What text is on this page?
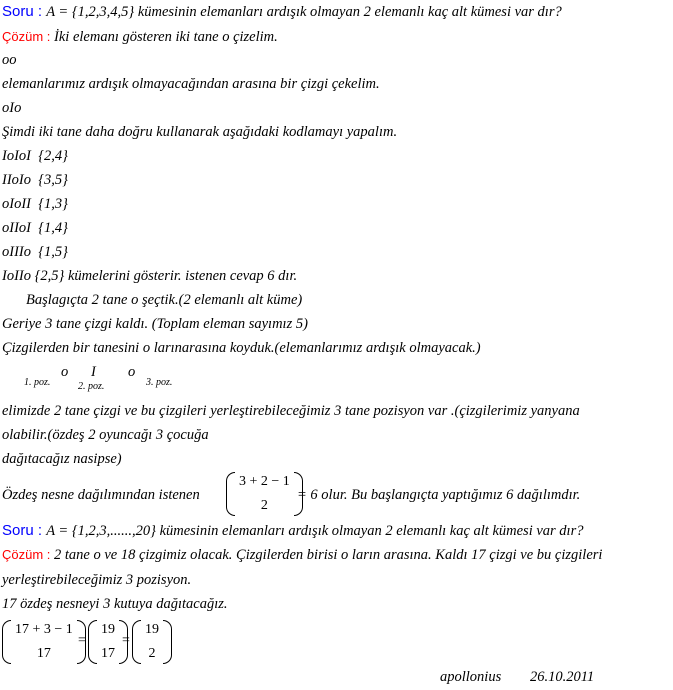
Soru : A = {1,2,3,4,5} kümesinin elemanları ardışık olmayan 2 elemanlı kaç alt kümesi var dır?
Çözüm : İki elemanı gösteren iki tane o çizelim.
oo
elemanlarımız ardışık olmayacağından arasına bir çizgi çekelim.
oIo
Şimdi iki tane daha doğru kullanarak aşağıdaki kodlamayı yapalım.
IoIoI {2,4}
IIoIo {3,5}
oIoII {1,3}
oIIoI {1,4}
oIIIo {1,5}
IoIIo {2,5} kümelerini gösterir. istenen cevap 6 dır.
Başlagıçta 2 tane o şeçtik.(2 elemanlı alt küme)
Geriye 3 tane çizgi kaldı. (Toplam eleman sayımız 5)
Çizgilerden bir tanesini o larınarasına koyduk.(elemanlarımız ardışık olmayacak.)
1. poz.
o I
2. poz.
o
3. poz.
elimizde 2 tane çizgi ve bu çizgileri yerleştirebileceğimiz 3 tane pozisyon var .(çizgilerimiz yanyana
olabilir.(özdeş 2 oyuncağı 3 çocuğa
dağıtacağız nasipse)
Özdeş nesne dağılımından istenen
3 + 2 − 1
2
= 6 olur. Bu başlangıçta yaptığımız 6 dağılımdır.
Soru : A = {1,2,3,......,20} kümesinin elemanları ardışık olmayan 2 elemanlı kaç alt kümesi var dır?
Çözüm : 2 tane o ve 18 çizgimiz olacak. Çizgilerden birisi o ların arasına. Kaldı 17 çizgi ve bu çizgileri
yerleştirebileceğimiz 3 pozisyon.
17 özdeş nesneyi 3 kutuya dağıtacağız.
17 + 3 − 1
17
=
19
17
=
19
2
apollonius 26.10.2011
